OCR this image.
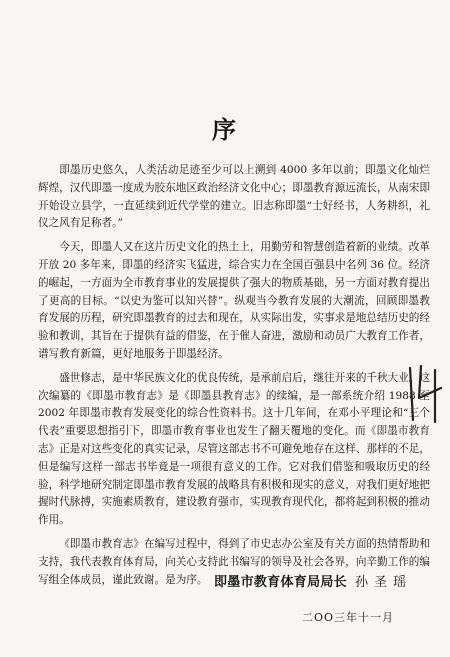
序

即墨历史悠久，人类活动足迹至少可以上溯到 4000 多年以前；即墨文化灿烂辉煌，汉代即墨一度成为胶东地区政治经济文化中心；即墨教育源远流长，从南宋即开始设立县学，一直延续到近代学堂的建立。旧志称即墨“士好经书，人务耕织，礼仪之风有足称者。”

今天，即墨人又在这片历史文化的热土上，用勤劳和智慧创造着新的业绩。改革开放 20 多年来，即墨的经济实飞猛进，综合实力在全国百强县中名列 36 位。经济的崛起，一方面为全市教育事业的发展提供了强大的物质基础，另一方面对教育提出了更高的目标。“以史为鉴可以知兴替”。纵观当今教育发展的大潮流，回顾即墨教育发展的历程，研究即墨教育的过去和现在，从实际出发，实事求是地总结历史的经验和教训，其旨在于提供有益的借鉴，在于催人奋进，激励和动员广大教育工作者，谱写教育新篇，更好地服务于即墨经济。

盛世修志，是中华民族文化的优良传统，是承前启后，继往开来的千秋大业。这次编纂的《即墨市教育志》是《即墨县教育志》的续编，是一部系统介绍 1988 至 2002 年即墨市教育发展变化的综合性资料书。这十几年间，在邓小平理论和“三个代表”重要思想指引下，即墨市教育事业也发生了翻天覆地的变化。而《即墨市教育志》正是对这些变化的真实记录，尽管这部志书不可避免地存在这样、那样的不足，但是编写这样一部志书毕竟是一项很有意义的工作。它对我们借鉴和吸取历史的经验，科学地研究制定即墨市教育发展的战略具有积极和现实的意义，对我们更好地把握时代脉搏，实施素质教育，建设教育强市，实现教育现代化，都将起到积极的推动作用。

《即墨市教育志》在编写过程中，得到了市史志办公室及有关方面的热情帮助和支持，我代表教育体育局，向关心支持此书编写的领导及社会各界，向辛勤工作的编写组全体成员，谨此致谢。是为序。 即墨市教育体育局局长 孙圣瑶
二OO三年十一月
